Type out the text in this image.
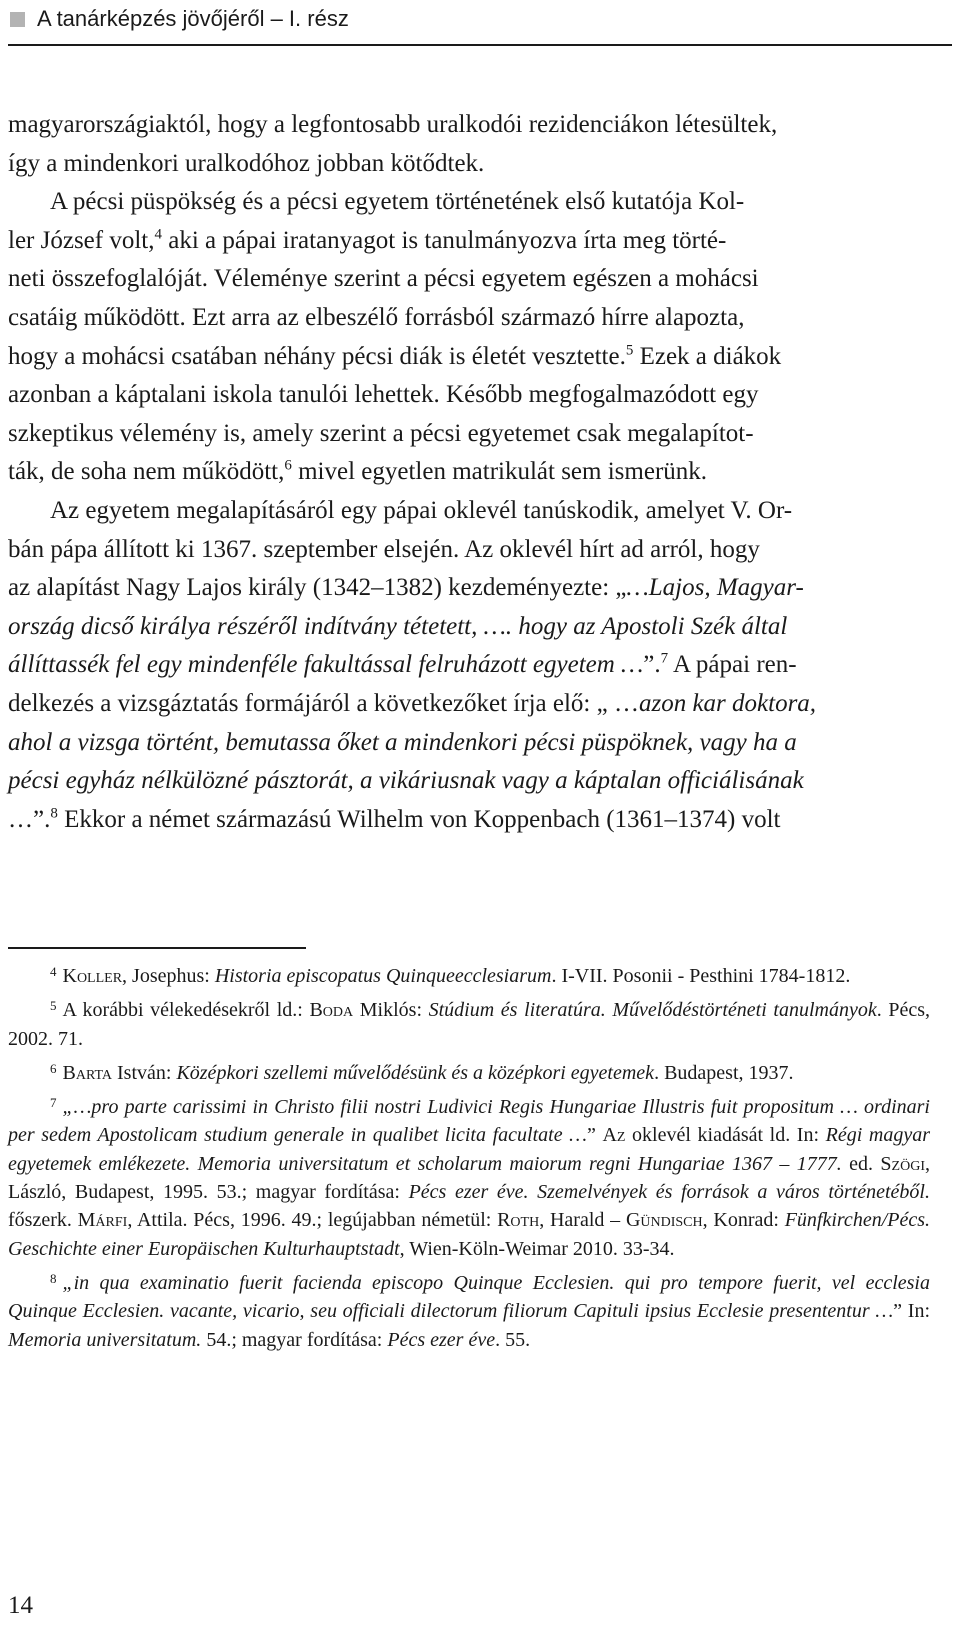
A tanárképzés jövőjéről – I. rész

magyarországiaktól, hogy a legfontosabb uralkodói rezidenciákon létesültek,
így a mindenkori uralkodóhoz jobban kötődtek.

A pécsi püspökség és a pécsi egyetem történetének első kutatója Kol-
ler József volt,$^4$ aki a pápai iratanyagot is tanulmányozva írta meg törté-
neti összefoglalóját. Véleménye szerint a pécsi egyetem egészen a mohácsi
csatáig működött. Ezt arra az elbeszélő forrásból származó hírre alapozta,
hogy a mohácsi csatában néhány pécsi diák is életét vesztette.$^5$ Ezek a diákok
azonban a káptalani iskola tanulói lehettek. Később megfogalmazódott egy
szkeptikus vélemény is, amely szerint a pécsi egyetemet csak megalapítot-
ták, de soha nem működött,$^6$ mivel egyetlen matrikulát sem ismerünk.

Az egyetem megalapításáról egy pápai oklevél tanúskodik, amelyet V. Or-
bán pápa állított ki 1367. szeptember elsején. Az oklevél hírt ad arról, hogy
az alapítást Nagy Lajos király (1342–1382) kezdeményezte: „…Lajos, Magyar-
ország dicső királya részéről indítvány tétetett, …. hogy az Apostoli Szék által
állíttassék fel egy mindenféle fakultással felruházott egyetem …”.$^7$ A pápai ren-
delkezés a vizsgáztatás formájáról a következőket írja elő: „ …azon kar doktora,
ahol a vizsga történt, bemutassa őket a mindenkori pécsi püspöknek, vagy ha a
pécsi egyház nélkülözné pásztorát, a vikáriusnak vagy a káptalan officiálisának
…”.$^8$ Ekkor a német származású Wilhelm von Koppenbach (1361–1374) volt

$^4$ Koller, Josephus: Historia episcopatus Quinqueecclesiarum. I-VII. Posonii - Pesthini 1784-1812.

$^5$ A korábbi vélekedésekről ld.: Boda Miklós: Stúdium és literatúra. Művelődéstörténeti tanulmányok. Pécs, 2002. 71.

$^6$ Barta István: Középkori szellemi művelődésünk és a középkori egyetemek. Budapest, 1937.

$^7$ „…pro parte carissimi in Christo filii nostri Ludivici Regis Hungariae Illustris fuit propositum … ordinari per sedem Apostolicam studium generale in qualibet licita facultate …” Az oklevél kiadását ld. In: Régi magyar egyetemek emlékezete. Memoria universitatum et scholarum maiorum regni Hungariae 1367 – 1777. ed. Szögi, László, Budapest, 1995. 53.; magyar fordítása: Pécs ezer éve. Szemelvények és források a város történetéből. főszerk. Márfi, Attila. Pécs, 1996. 49.; legújabban németül: Roth, Harald – Gündisch, Konrad: Fünfkirchen/Pécs. Geschichte einer Europäischen Kulturhauptstadt, Wien-Köln-Weimar 2010. 33-34.

$^8$ „in qua examinatio fuerit facienda episcopo Quinque Ecclesien. qui pro tempore fuerit, vel ecclesia Quinque Ecclesien. vacante, vicario, seu officiali dilectorum filiorum Capituli ipsius Ecclesie presententur …” In: Memoria universitatum. 54.; magyar fordítása: Pécs ezer éve. 55.

14
